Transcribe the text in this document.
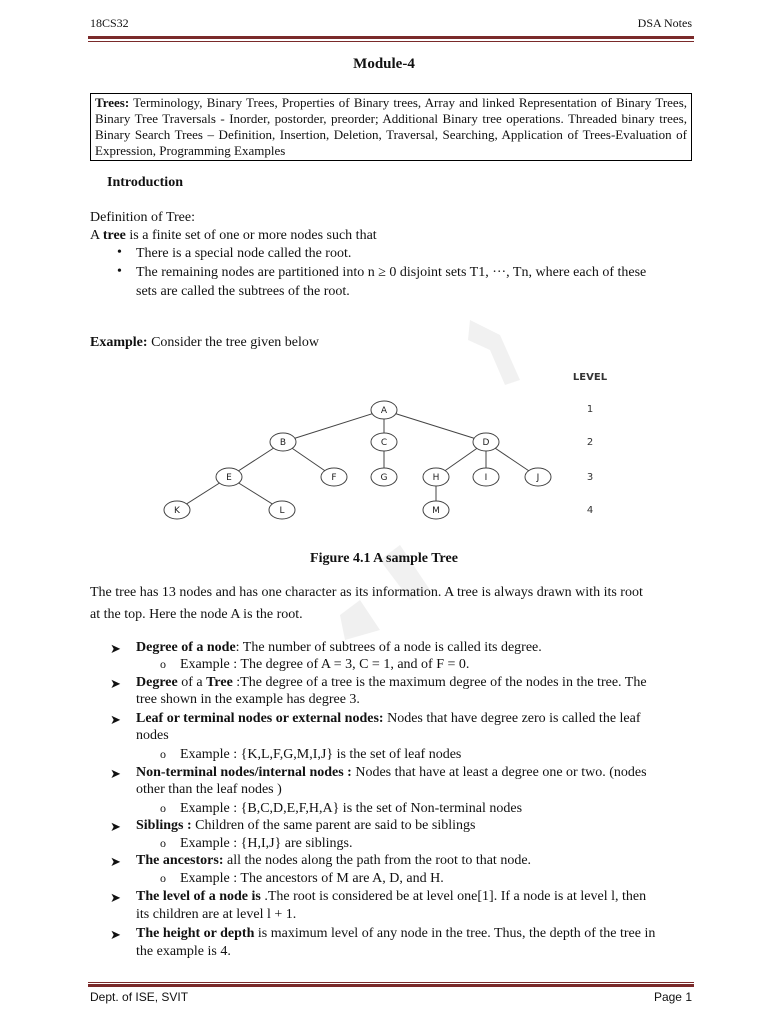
18CS32	DSA Notes
Module-4
Trees: Terminology, Binary Trees, Properties of Binary trees, Array and linked Representation of Binary Trees, Binary Tree Traversals - Inorder, postorder, preorder; Additional Binary tree operations. Threaded binary trees, Binary Search Trees – Definition, Insertion, Deletion, Traversal, Searching, Application of Trees-Evaluation of Expression, Programming Examples
Introduction
Definition of Tree:
A tree is a finite set of one or more nodes such that
• There is a special node called the root.
• The remaining nodes are partitioned into n ≥ 0 disjoint sets T1, ···, Tn, where each of these
sets are called the subtrees of the root.
Example: Consider the tree given below
A
B	C	D
E	F	G	H	I	J
K	L	M
LEVEL
1
2
3
4
Figure 4.1 A sample Tree
The tree has 13 nodes and has one character as its information. A tree is always drawn with its root
at the top. Here the node A is the root.
➤ Degree of a node: The number of subtrees of a node is called its degree.
o Example : The degree of A = 3, C = 1, and of F = 0.
➤ Degree of a Tree :The degree of a tree is the maximum degree of the nodes in the tree. The
tree shown in the example has degree 3.
➤ Leaf or terminal nodes or external nodes: Nodes that have degree zero is called the leaf
nodes
o Example : {K,L,F,G,M,I,J} is the set of leaf nodes
➤ Non-terminal nodes/internal nodes : Nodes that have at least a degree one or two. (nodes
other than the leaf nodes )
o Example : {B,C,D,E,F,H,A} is the set of Non-terminal nodes
➤ Siblings : Children of the same parent are said to be siblings
o Example : {H,I,J} are siblings.
➤ The ancestors: all the nodes along the path from the root to that node.
o Example : The ancestors of M are A, D, and H.
➤ The level of a node is .The root is considered be at level one[1]. If a node is at level l, then
its children are at level l + 1.
➤ The height or depth is maximum level of any node in the tree. Thus, the depth of the tree in
the example is 4.
Dept. of ISE, SVIT	Page 1
